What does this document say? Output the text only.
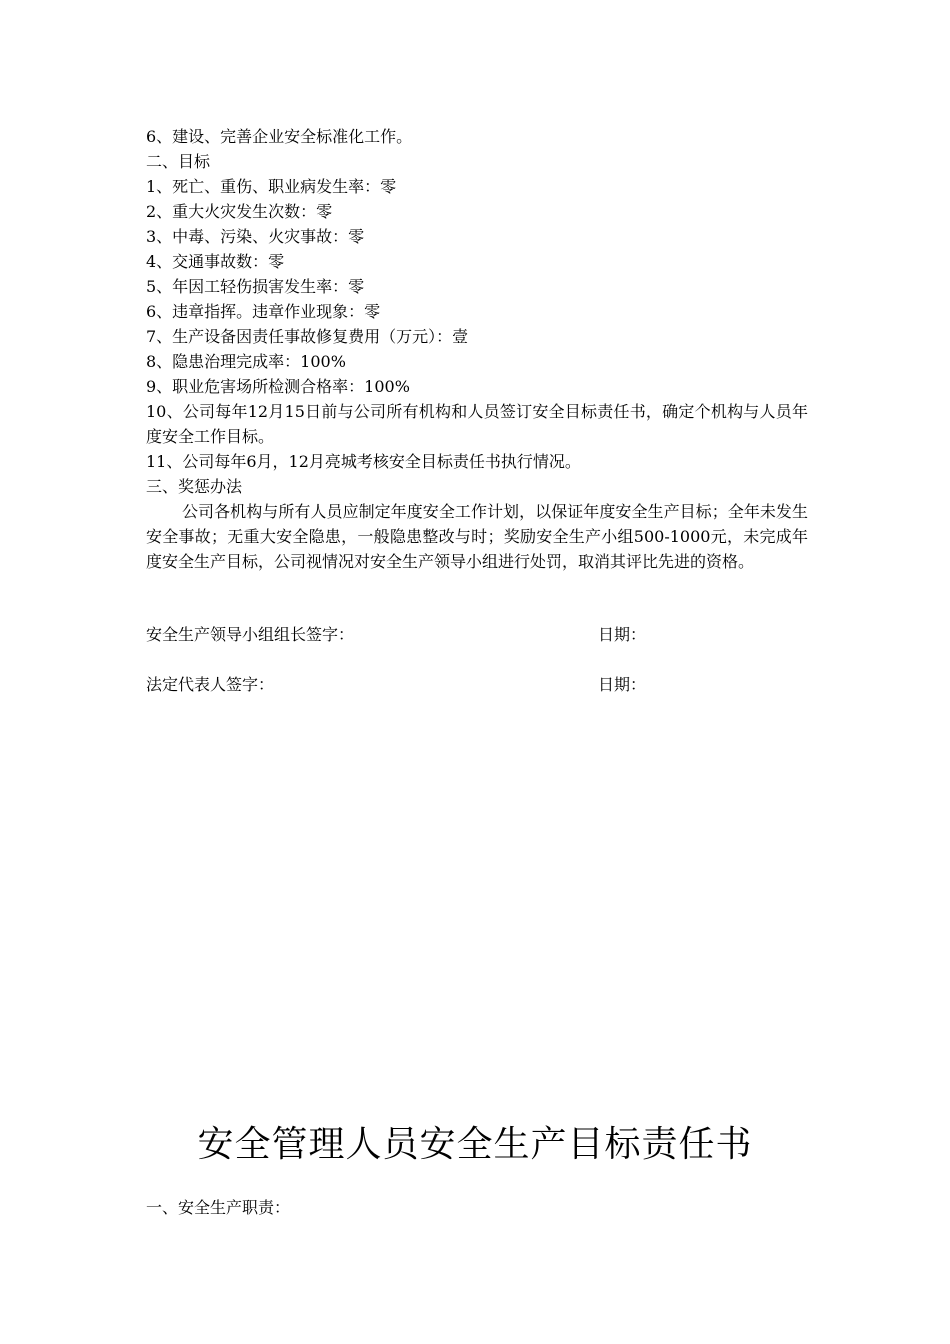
6、建设、完善企业安全标准化工作。

二、目标

1、死亡、重伤、职业病发生率：零

2、重大火灾发生次数：零

3、中毒、污染、火灾事故：零

4、交通事故数：零

5、年因工轻伤损害发生率：零

6、违章指挥。违章作业现象：零

7、生产设备因责任事故修复费用（万元）：壹

8、隐患治理完成率：100%

9、职业危害场所检测合格率：100%

10、公司每年12月15日前与公司所有机构和人员签订安全目标责任书，确定个机构与人员年度安全工作目标。

11、公司每年6月，12月亮城考核安全目标责任书执行情况。

三、奖惩办法

公司各机构与所有人员应制定年度安全工作计划，以保证年度安全生产目标；全年未发生安全事故；无重大安全隐患，一般隐患整改与时；奖励安全生产小组500-1000元，未完成年度安全生产目标，公司视情况对安全生产领导小组进行处罚，取消其评比先进的资格。

安全生产领导小组组长签字：	日期：
法定代表人签字：	日期：
安全管理人员安全生产目标责任书
一、安全生产职责：
